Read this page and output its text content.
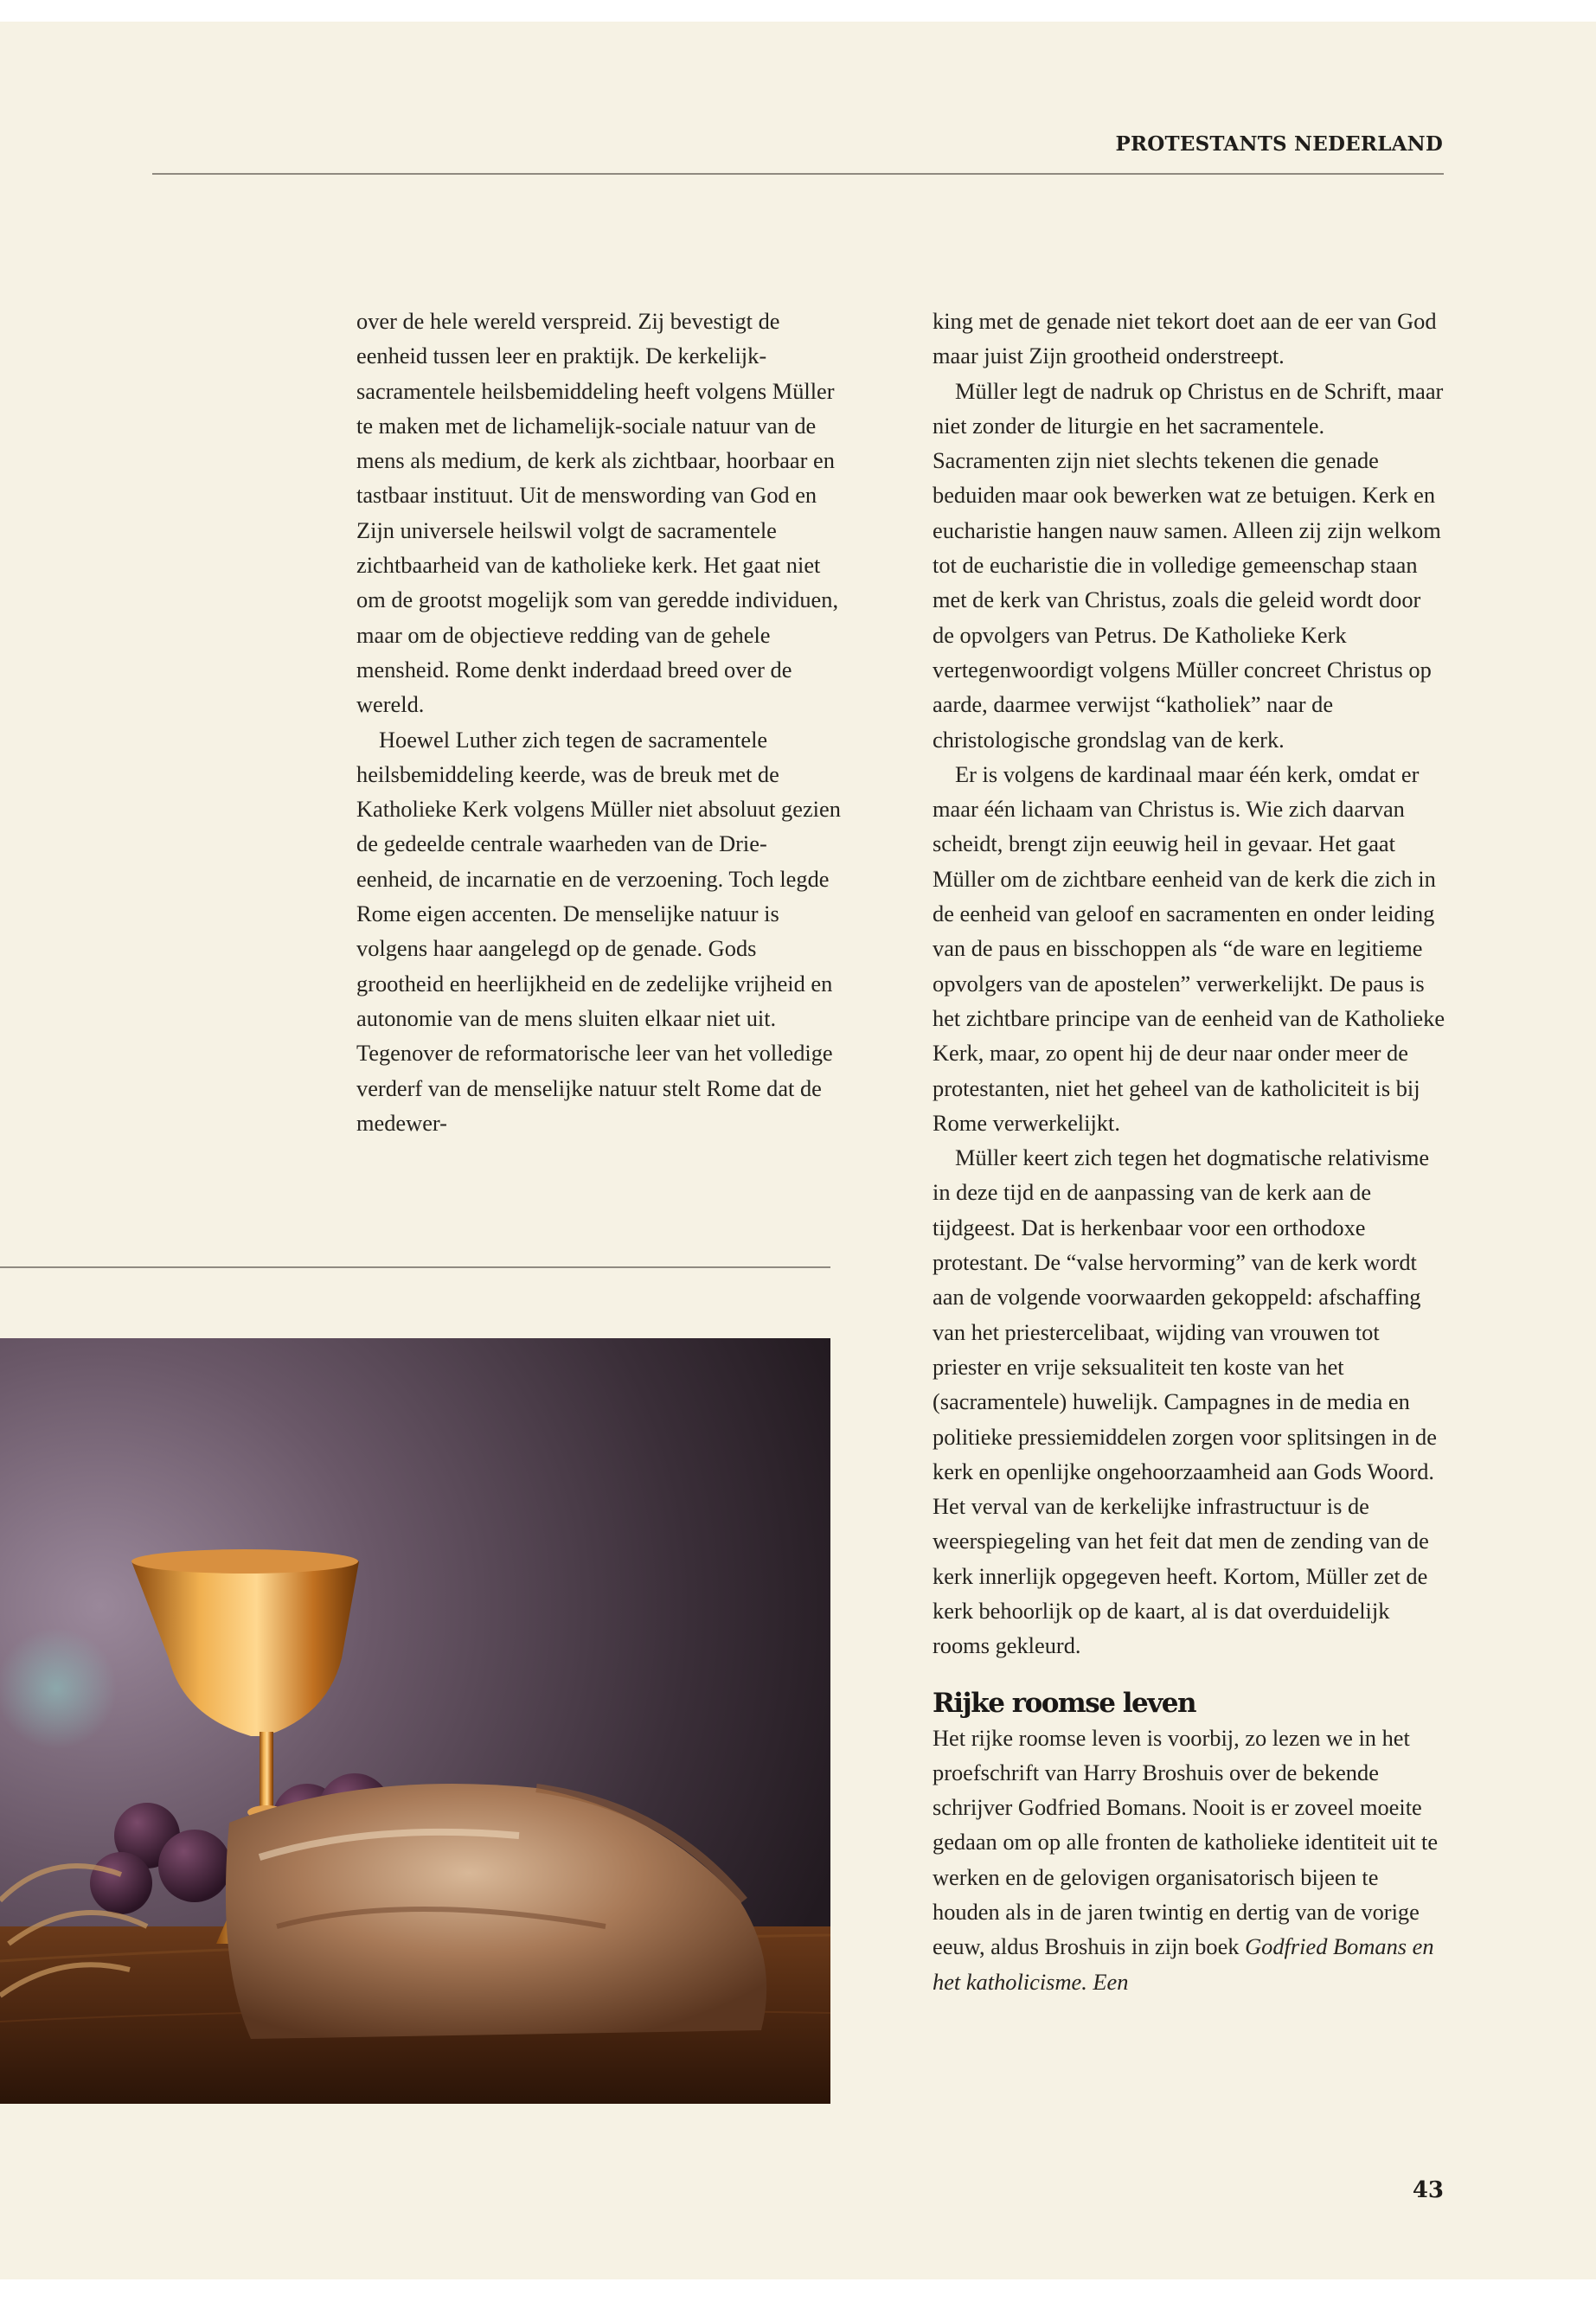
PROTESTANTS NEDERLAND

over de hele wereld verspreid. Zij bevestigt de eenheid tussen leer en praktijk. De kerkelijk-sacramentele heilsbemiddeling heeft volgens Müller te maken met de lichamelijk-sociale natuur van de mens als medium, de kerk als zichtbaar, hoorbaar en tastbaar instituut. Uit de menswording van God en Zijn universele heilswil volgt de sacramentele zichtbaarheid van de katholieke kerk. Het gaat niet om de grootst mogelijk som van geredde individuen, maar om de objectieve redding van de gehele mensheid. Rome denkt inderdaad breed over de wereld.

Hoewel Luther zich tegen de sacramentele heilsbemiddeling keerde, was de breuk met de Katholieke Kerk volgens Müller niet absoluut gezien de gedeelde centrale waarheden van de Drie-eenheid, de incarnatie en de verzoening. Toch legde Rome eigen accenten. De menselijke natuur is volgens haar aangelegd op de genade. Gods grootheid en heerlijkheid en de zedelijke vrijheid en autonomie van de mens sluiten elkaar niet uit. Tegenover de reformatorische leer van het volledige verderf van de menselijke natuur stelt Rome dat de medewer-

king met de genade niet tekort doet aan de eer van God maar juist Zijn grootheid onderstreept.

Müller legt de nadruk op Christus en de Schrift, maar niet zonder de liturgie en het sacramentele. Sacramenten zijn niet slechts tekenen die genade beduiden maar ook bewerken wat ze betuigen. Kerk en eucharistie hangen nauw samen. Alleen zij zijn welkom tot de eucharistie die in volledige gemeenschap staan met de kerk van Christus, zoals die geleid wordt door de opvolgers van Petrus. De Katholieke Kerk vertegenwoordigt volgens Müller concreet Christus op aarde, daarmee verwijst “katholiek” naar de christologische grondslag van de kerk.

Er is volgens de kardinaal maar één kerk, omdat er maar één lichaam van Christus is. Wie zich daarvan scheidt, brengt zijn eeuwig heil in gevaar. Het gaat Müller om de zichtbare eenheid van de kerk die zich in de eenheid van geloof en sacramenten en onder leiding van de paus en bisschoppen als “de ware en legitieme opvolgers van de apostelen” verwerkelijkt. De paus is het zichtbare principe van de eenheid van de Katholieke Kerk, maar, zo opent hij de deur naar onder meer de protestanten, niet het geheel van de katholiciteit is bij Rome verwerkelijkt.

Müller keert zich tegen het dogmatische relativisme in deze tijd en de aanpassing van de kerk aan de tijdgeest. Dat is herkenbaar voor een orthodoxe protestant. De “valse hervorming” van de kerk wordt aan de volgende voorwaarden gekoppeld: afschaffing van het priestercelibaat, wijding van vrouwen tot priester en vrije seksualiteit ten koste van het (sacramentele) huwelijk. Campagnes in de media en politieke pressiemiddelen zorgen voor splitsingen in de kerk en openlijke ongehoorzaamheid aan Gods Woord. Het verval van de kerkelijke infrastructuur is de weerspiegeling van het feit dat men de zending van de kerk innerlijk opgegeven heeft. Kortom, Müller zet de kerk behoorlijk op de kaart, al is dat overduidelijk rooms gekleurd.

Rijke roomse leven

Het rijke roomse leven is voorbij, zo lezen we in het proefschrift van Harry Broshuis over de bekende schrijver Godfried Bomans. Nooit is er zoveel moeite gedaan om op alle fronten de katholieke identiteit uit te werken en de gelovigen organisatorisch bijeen te houden als in de jaren twintig en dertig van de vorige eeuw, aldus Broshuis in zijn boek Godfried Bomans en het katholicisme. Een

43
